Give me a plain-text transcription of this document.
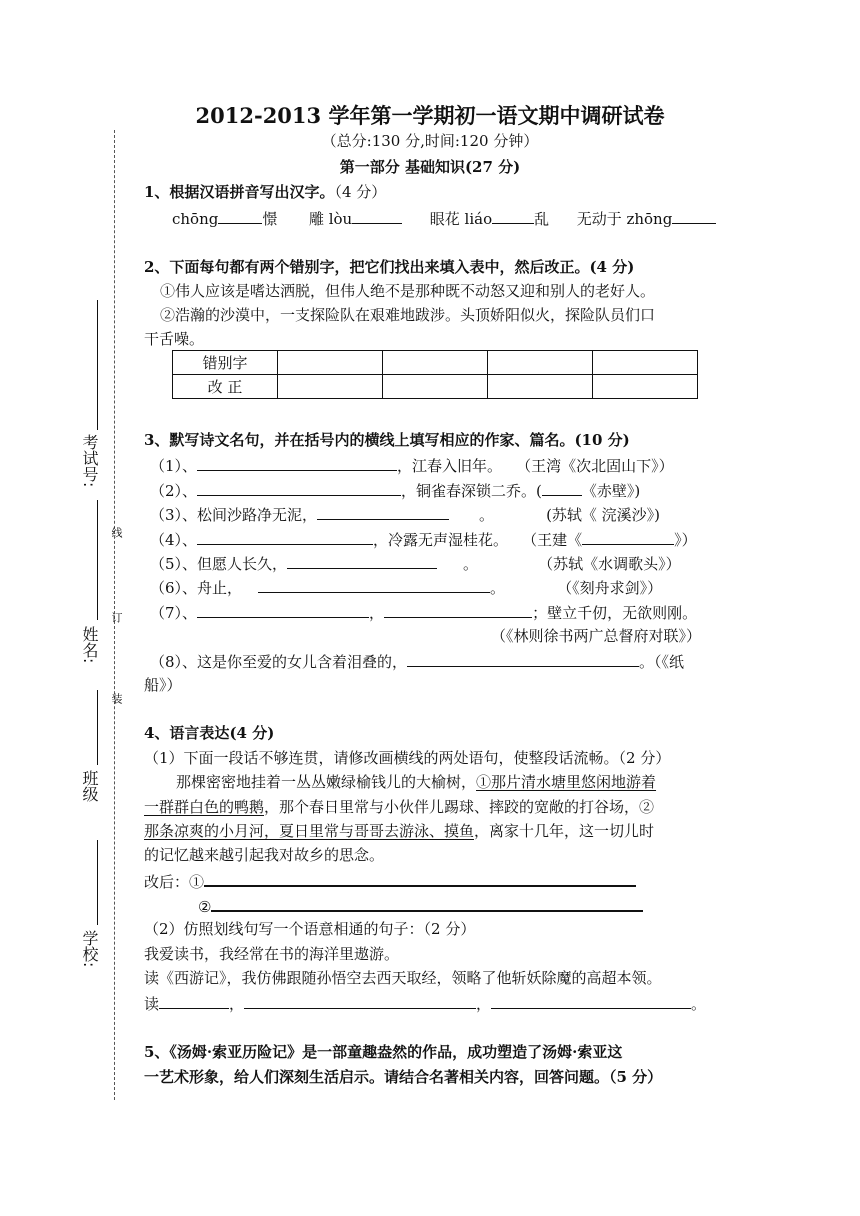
考试号:
姓名:
班级
学校:
线
订
装
2012-2013 学年第一学期初一语文期中调研试卷
（总分:130 分,时间:120 分钟）
第一部分 基础知识(27 分)
1、根据汉语拼音写出汉字。（4 分）
chōng	憬 雕 lòu	眼花 liáo	乱 无动于 zhōng
2、下面每句都有两个错别字，把它们找出来填入表中，然后改正。(4 分)
①伟人应该是嗜达洒脱，但伟人绝不是那种既不动怒又迎和别人的老好人。
②浩瀚的沙漠中，一支探险队在艰难地跋涉。头顶娇阳似火，探险队员们口
干舌噪。
错别字				
改 正				
3、默写诗文名句，并在括号内的横线上填写相应的作家、篇名。(10 分)
（1）、	，江春入旧年。 （王湾《次北固山下》）
（2）、	，铜雀春深锁二乔。(	《赤壁》)
（3）、松间沙路净无泥，	。	(苏轼《 浣溪沙》)
（4）、	，冷露无声湿桂花。 （王建《	》）
（5）、但愿人长久，	。	（苏轼《水调歌头》）
（6）、舟止，	。	（《刻舟求剑》）
（7）、	，	；壁立千仞，无欲则刚。
（《林则徐书两广总督府对联》）
（8）、这是你至爱的女儿含着泪叠的，	。（《纸
船》）
4、语言表达(4 分)
（1）下面一段话不够连贯，请修改画横线的两处语句，使整段话流畅。（2 分）
那棵密密地挂着一丛丛嫩绿榆钱儿的大榆树，①那片清水塘里悠闲地游着
一群群白色的鸭鹅，那个春日里常与小伙伴儿踢球、摔跤的宽敞的打谷场，②
那条凉爽的小月河，夏日里常与哥哥去游泳、摸鱼，离家十几年，这一切儿时
的记忆越来越引起我对故乡的思念。
改后：①
②
（2）仿照划线句写一个语意相通的句子：（2 分）
我爱读书，我经常在书的海洋里遨游。
读《西游记》，我仿佛跟随孙悟空去西天取经，领略了他斩妖除魔的高超本领。
读	，	，	。
5、《汤姆·索亚历险记》是一部童趣盎然的作品，成功塑造了汤姆·索亚这
一艺术形象，给人们深刻生活启示。请结合名著相关内容，回答问题。（5 分）
